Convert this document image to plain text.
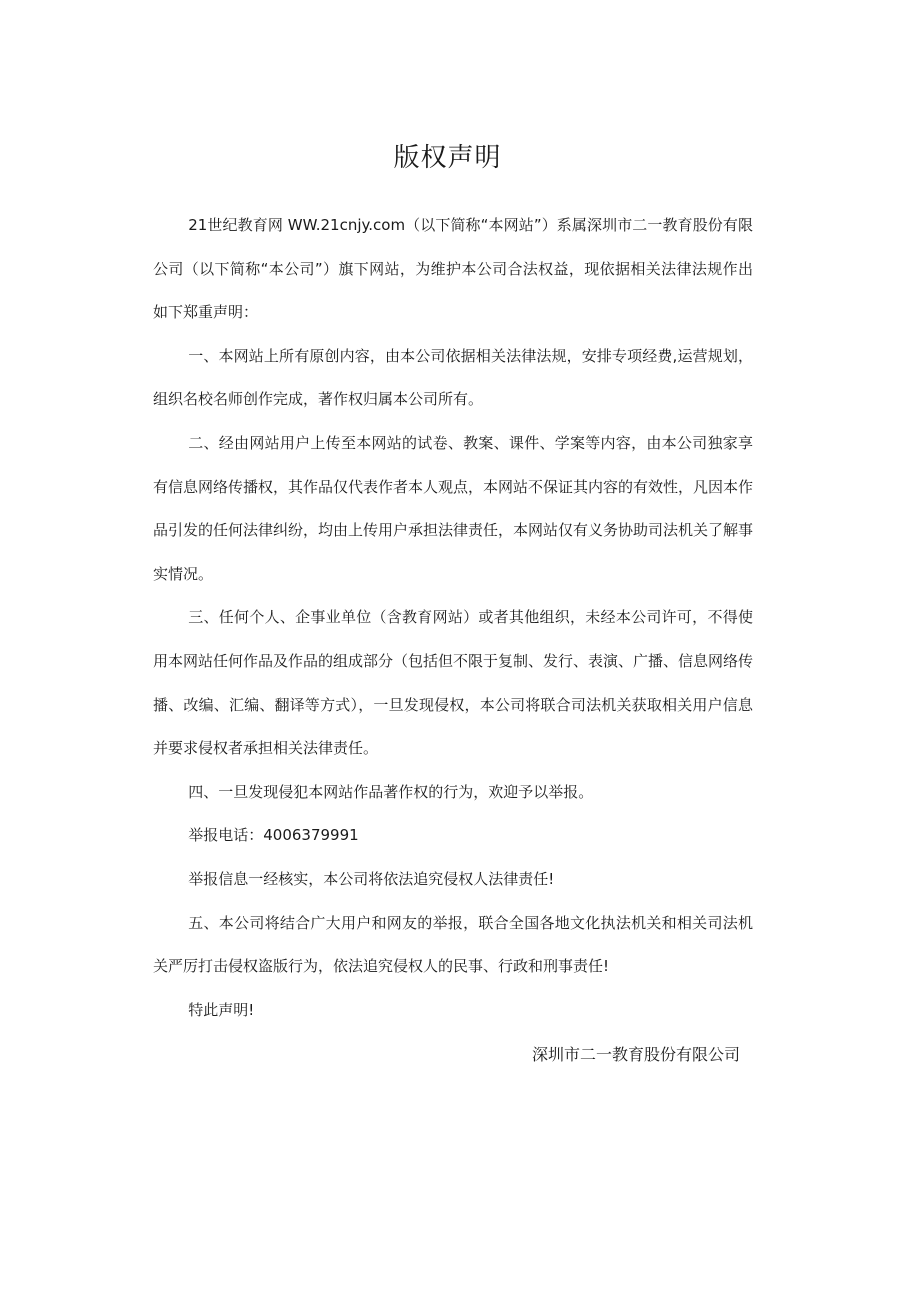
版权声明

21世纪教育网 WW.21cnjy.com（以下简称“本网站”）系属深圳市二一教育股份有限公司（以下简称“本公司”）旗下网站，为维护本公司合法权益，现依据相关法律法规作出如下郑重声明：

一、本网站上所有原创内容，由本公司依据相关法律法规，安排专项经费,运营规划，组织名校名师创作完成，著作权归属本公司所有。

二、经由网站用户上传至本网站的试卷、教案、课件、学案等内容，由本公司独家享有信息网络传播权，其作品仅代表作者本人观点，本网站不保证其内容的有效性，凡因本作品引发的任何法律纠纷，均由上传用户承担法律责任，本网站仅有义务协助司法机关了解事实情况。

三、任何个人、企事业单位（含教育网站）或者其他组织，未经本公司许可，不得使用本网站任何作品及作品的组成部分（包括但不限于复制、发行、表演、广播、信息网络传播、改编、汇编、翻译等方式），一旦发现侵权，本公司将联合司法机关获取相关用户信息并要求侵权者承担相关法律责任。

四、一旦发现侵犯本网站作品著作权的行为，欢迎予以举报。

举报电话：4006379991

举报信息一经核实，本公司将依法追究侵权人法律责任!

五、本公司将结合广大用户和网友的举报，联合全国各地文化执法机关和相关司法机关严厉打击侵权盗版行为，依法追究侵权人的民事、行政和刑事责任!

特此声明!

深圳市二一教育股份有限公司
